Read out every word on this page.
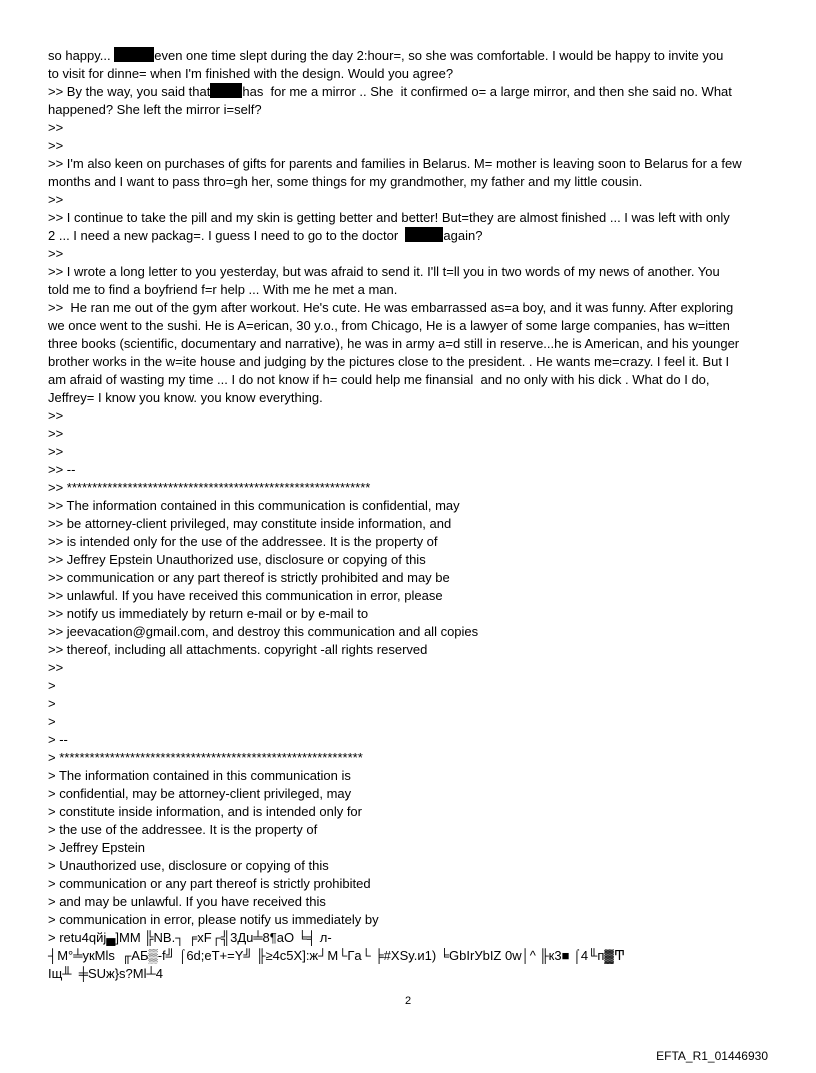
so happy...	even one time slept during the day 2:hour=, so she was comfortable. I would be happy to invite you
to visit for dinne= when I'm finished with the design. Would you agree?
>> By the way, you said that has  for me a mirror .. She  it confirmed o= a large mirror, and then she said no. What
happened? She left the mirror i=self?
>>
>>
>> I'm also keen on purchases of gifts for parents and families in Belarus. M= mother is leaving soon to Belarus for a few
months and I want to pass thro=gh her, some things for my grandmother, my father and my little cousin.
>>
>> I continue to take the pill and my skin is getting better and better! But=they are almost finished ... I was left with only
2 ... I need a new packag=. I guess I need to go to the doctor	again?
>>
>> I wrote a long letter to you yesterday, but was afraid to send it. I'll t=ll you in two words of my news of another. You
told me to find a boyfriend f=r help ... With me he met a man.
>>  He ran me out of the gym after workout. He's cute. He was embarrassed as=a boy, and it was funny. After exploring
we once went to the sushi. He is A=erican, 30 y.o., from Chicago, He is a lawyer of some large companies, has w=itten
three books (scientific, documentary and narrative), he was in army a=d still in reserve...he is American, and his younger
brother works in the w=ite house and judging by the pictures close to the president. . He wants me=crazy. I feel it. But I
am afraid of wasting my time ... I do not know if h= could help me finansial  and no only with his dick . What do I do,
Jeffrey= I know you know. you know everything.
>>
>>
>>
>> --
>> ************************************************************
>> The information contained in this communication is confidential, may
>> be attorney-client privileged, may constitute inside information, and
>> is intended only for the use of the addressee. It is the property of
>> Jeffrey Epstein Unauthorized use, disclosure or copying of this
>> communication or any part thereof is strictly prohibited and may be
>> unlawful. If you have received this communication in error, please
>> notify us immediately by return e-mail or by e-mail to
>> jeevacation@gmail.com, and destroy this communication and all copies
>> thereof, including all attachments. copyright -all rights reserved
>>
>
>
>
> --
> ************************************************************
> The information contained in this communication is
> confidential, may be attorney-client privileged, may
> constitute inside information, and is intended only for
> the use of the addressee. It is the property of
> Jeffrey Epstein
> Unauthorized use, disclosure or copying of this
> communication or any part thereof is strictly prohibited
> and may be unlawful. If you have received this
> communication in error, please notify us immediately by
> retu4qйj▄]MM ╠NB.┐ ╒xF┌╣3Дu╧8¶aO ╘╡ л-
┤M°╧укMls  ╓АБ▒-f╝ ⌠6d;eT+=Y╝ ╟≥4c5X]:ж┘M└Гa└ ╞#XSy.и1) ╘GbIrУbIZ 0w│^ ╟к3■ ⌠4╙п▓Ͳ
Iщ╨  ╪SUж}s?Ml┴4
2
EFTA_R1_01446930
